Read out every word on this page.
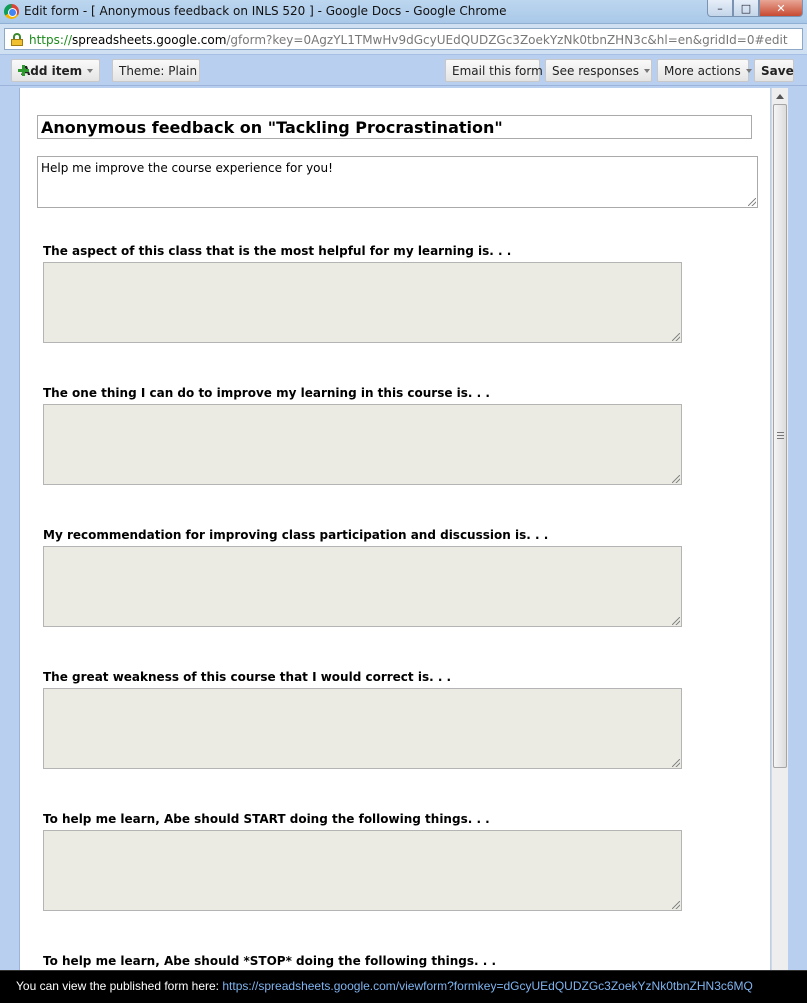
Edit form - [ Anonymous feedback on INLS 520 ] - Google Docs - Google Chrome	–	□	✕
https://spreadsheets.google.com/gform?key=0AgzYL1TMwHv9dGcyUEdQUDZGc3ZoekYzNk0tbnZHN3c&hl=en&gridId=0#edit
Add item	Theme: Plain	Email this form See responses More actions	Save
Anonymous feedback on "Tackling Procrastination"
Help me improve the course experience for you!
The aspect of this class that is the most helpful for my learning is. . .
The one thing I can do to improve my learning in this course is. . .
My recommendation for improving class participation and discussion is. . .
The great weakness of this course that I would correct is. . .
To help me learn, Abe should START doing the following things. . .
To help me learn, Abe should *STOP* doing the following things. . .
You can view the published form here: https://spreadsheets.google.com/viewform?formkey=dGcyUEdQUDZGc3ZoekYzNk0tbnZHN3c6MQ
